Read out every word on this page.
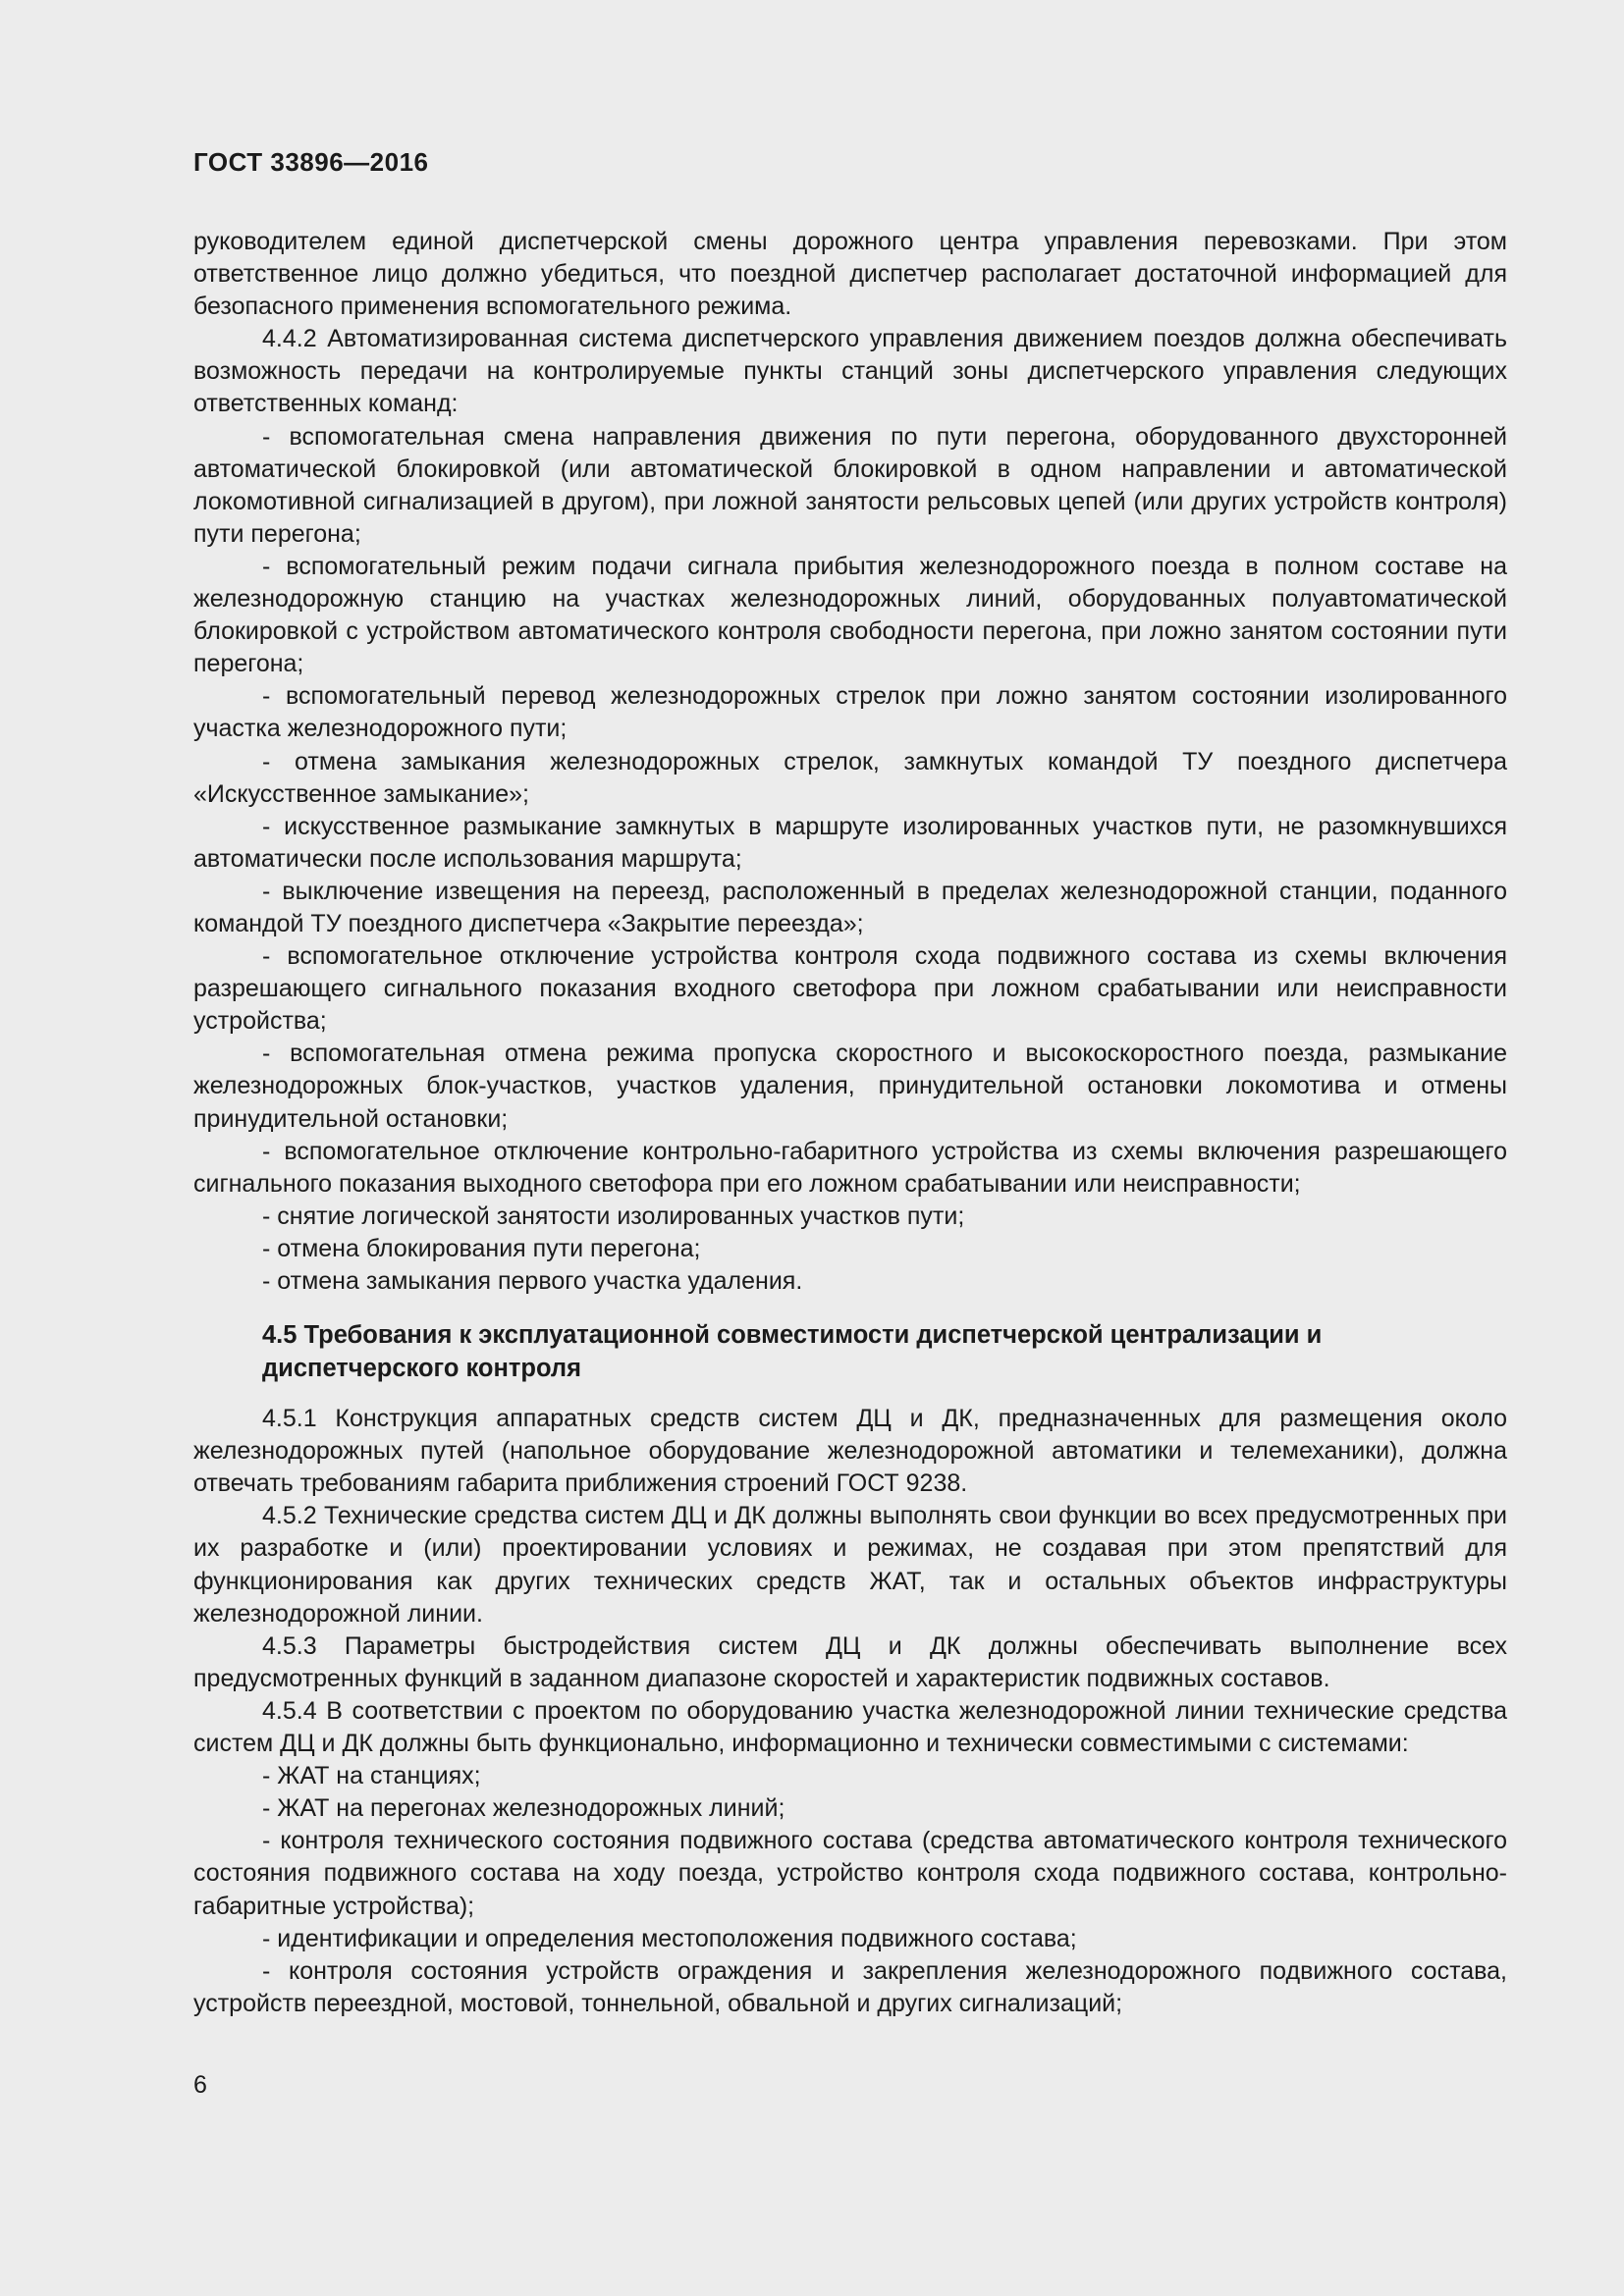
ГОСТ 33896—2016

руководителем единой диспетчерской смены дорожного центра управления перевозками. При этом ответственное лицо должно убедиться, что поездной диспетчер располагает достаточной информацией для безопасного применения вспомогательного режима.

4.4.2 Автоматизированная система диспетчерского управления движением поездов должна обеспечивать возможность передачи на контролируемые пункты станций зоны диспетчерского управления следующих ответственных команд:

- вспомогательная смена направления движения по пути перегона, оборудованного двухсторонней автоматической блокировкой (или автоматической блокировкой в одном направлении и автоматической локомотивной сигнализацией в другом), при ложной занятости рельсовых цепей (или других устройств контроля) пути перегона;

- вспомогательный режим подачи сигнала прибытия железнодорожного поезда в полном составе на железнодорожную станцию на участках железнодорожных линий, оборудованных полуавтоматической блокировкой с устройством автоматического контроля свободности перегона, при ложно занятом состоянии пути перегона;

- вспомогательный перевод железнодорожных стрелок при ложно занятом состоянии изолированного участка железнодорожного пути;

- отмена замыкания железнодорожных стрелок, замкнутых командой ТУ поездного диспетчера «Искусственное замыкание»;

- искусственное размыкание замкнутых в маршруте изолированных участков пути, не разомкнувшихся автоматически после использования маршрута;

- выключение извещения на переезд, расположенный в пределах железнодорожной станции, поданного командой ТУ поездного диспетчера «Закрытие переезда»;

- вспомогательное отключение устройства контроля схода подвижного состава из схемы включения разрешающего сигнального показания входного светофора при ложном срабатывании или неисправности устройства;

- вспомогательная отмена режима пропуска скоростного и высокоскоростного поезда, размыкание железнодорожных блок-участков, участков удаления, принудительной остановки локомотива и отмены принудительной остановки;

- вспомогательное отключение контрольно-габаритного устройства из схемы включения разрешающего сигнального показания выходного светофора при его ложном срабатывании или неисправности;

- снятие логической занятости изолированных участков пути;

- отмена блокирования пути перегона;

- отмена замыкания первого участка удаления.

4.5 Требования к эксплуатационной совместимости диспетчерской централизации и диспетчерского контроля

4.5.1 Конструкция аппаратных средств систем ДЦ и ДК, предназначенных для размещения около железнодорожных путей (напольное оборудование железнодорожной автоматики и телемеханики), должна отвечать требованиям габарита приближения строений ГОСТ 9238.

4.5.2 Технические средства систем ДЦ и ДК должны выполнять свои функции во всех предусмотренных при их разработке и (или) проектировании условиях и режимах, не создавая при этом препятствий для функционирования как других технических средств ЖАТ, так и остальных объектов инфраструктуры железнодорожной линии.

4.5.3 Параметры быстродействия систем ДЦ и ДК должны обеспечивать выполнение всех предусмотренных функций в заданном диапазоне скоростей и характеристик подвижных составов.

4.5.4 В соответствии с проектом по оборудованию участка железнодорожной линии технические средства систем ДЦ и ДК должны быть функционально, информационно и технически совместимыми с системами:

- ЖАТ на станциях;

- ЖАТ на перегонах железнодорожных линий;

- контроля технического состояния подвижного состава (средства автоматического контроля технического состояния подвижного состава на ходу поезда, устройство контроля схода подвижного состава, контрольно-габаритные устройства);

- идентификации и определения местоположения подвижного состава;

- контроля состояния устройств ограждения и закрепления железнодорожного подвижного состава, устройств переездной, мостовой, тоннельной, обвальной и других сигнализаций;

6
